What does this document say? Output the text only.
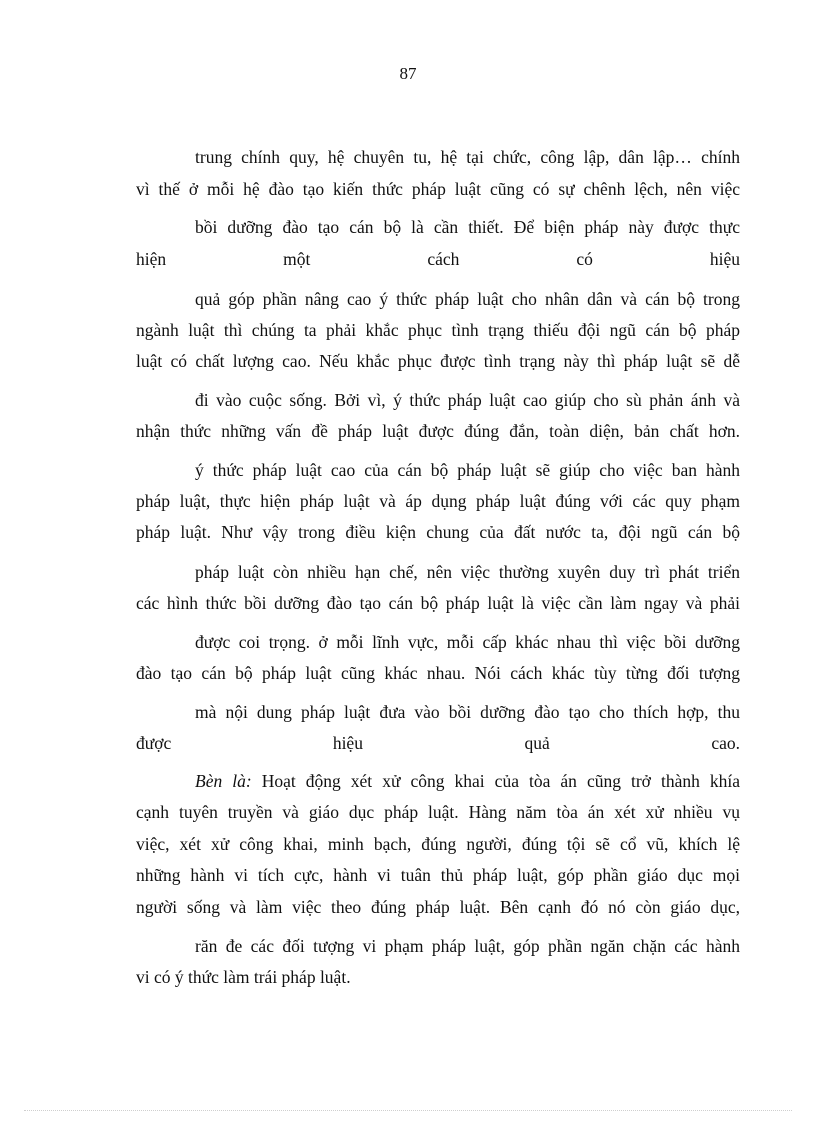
87
trung chính quy, hệ chuyên tu, hệ tại chức, công lập, dân lập… chính
vì thế ở mỗi hệ đào tạo kiến thức pháp luật cũng có sự chênh lệch, nên việc
bồi dưỡng đào tạo cán bộ là cần thiết. Để biện pháp này được thực
hiện một cách có hiệu
quả góp phần nâng cao ý thức pháp luật cho nhân dân và cán bộ trong
ngành luật thì chúng ta phải khắc phục tình trạng thiếu đội ngũ cán bộ pháp
luật có chất lượng cao. Nếu khắc phục được tình trạng này thì pháp luật sẽ dễ
đi vào cuộc sống. Bởi vì, ý thức pháp luật cao giúp cho sù phản ánh và
nhận thức những vấn đề pháp luật được đúng đắn, toàn diện, bản chất hơn.
ý thức pháp luật cao của cán bộ pháp luật sẽ giúp cho việc ban hành
pháp luật, thực hiện pháp luật và áp dụng pháp luật đúng với các quy phạm
pháp luật. Như vậy trong điều kiện chung của đất nước ta, đội ngũ cán bộ
pháp luật còn nhiều hạn chế, nên việc thường xuyên duy trì phát triển
các hình thức bồi dưỡng đào tạo cán bộ pháp luật là việc cần làm ngay và phải
được coi trọng. ở mỗi lĩnh vực, mỗi cấp khác nhau thì việc bồi dưỡng
đào tạo cán bộ pháp luật cũng khác nhau. Nói cách khác tùy từng đối tượng
mà nội dung pháp luật đưa vào bồi dưỡng đào tạo cho thích hợp, thu
được hiệu quả cao.
Bèn là: Hoạt động xét xử công khai của tòa án cũng trở thành khía
cạnh tuyên truyền và giáo dục pháp luật. Hàng năm tòa án xét xử nhiều vụ
việc, xét xử công khai, minh bạch, đúng người, đúng tội sẽ cổ vũ, khích lệ
những hành vi tích cực, hành vi tuân thủ pháp luật, góp phần giáo dục mọi
người sống và làm việc theo đúng pháp luật. Bên cạnh đó nó còn giáo dục,
răn đe các đối tượng vi phạm pháp luật, góp phần ngăn chặn các hành
vi có ý thức làm trái pháp luật.
